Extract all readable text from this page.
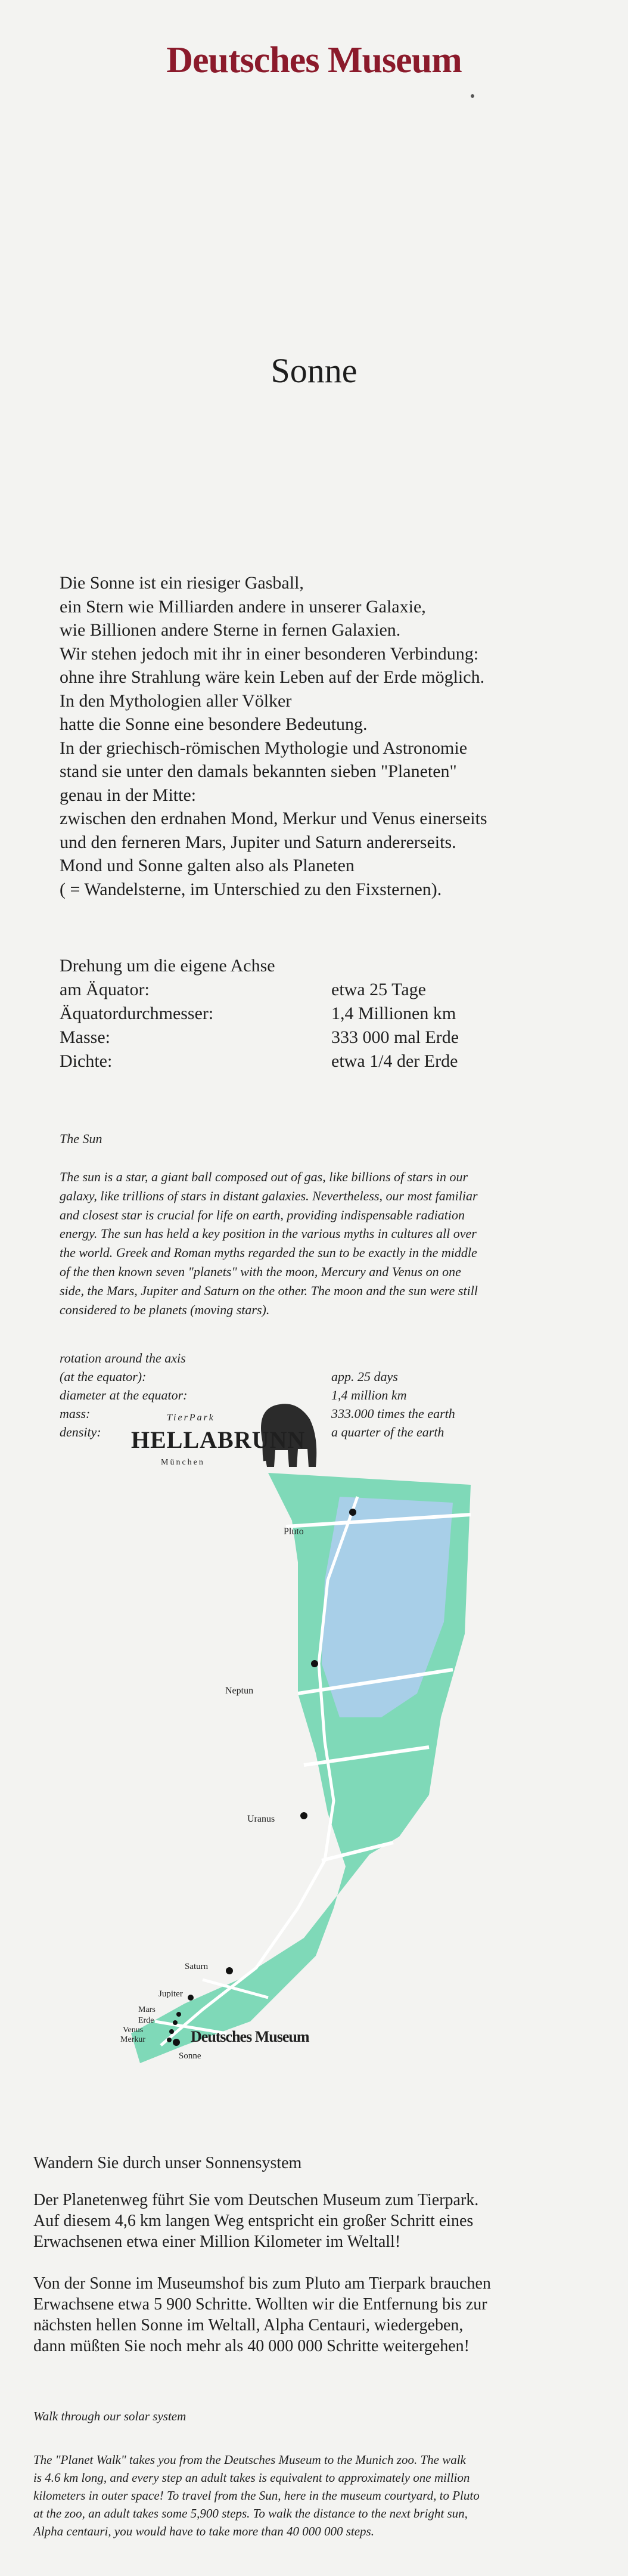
Deutsches Museum
Sonne
Die Sonne ist ein riesiger Gasball,
ein Stern wie Milliarden andere in unserer Galaxie,
wie Billionen andere Sterne in fernen Galaxien.
Wir stehen jedoch mit ihr in einer besonderen Verbindung:
ohne ihre Strahlung wäre kein Leben auf der Erde möglich.
In den Mythologien aller Völker
hatte die Sonne eine besondere Bedeutung.
In der griechisch-römischen Mythologie und Astronomie
stand sie unter den damals bekannten sieben "Planeten"
genau in der Mitte:
zwischen den erdnahen Mond, Merkur und Venus einerseits
und den ferneren Mars, Jupiter und Saturn andererseits.
Mond und Sonne galten also als Planeten
( = Wandelsterne, im Unterschied zu den Fixsternen).
Drehung um die eigene Achse
am Äquator:	etwa 25 Tage
Äquatordurchmesser:	1,4 Millionen km
Masse:	333 000 mal Erde
Dichte:	etwa 1/4 der Erde
The Sun
The sun is a star, a giant ball composed out of gas, like billions of stars in our
galaxy, like trillions of stars in distant galaxies. Nevertheless, our most familiar
and closest star is crucial for life on earth, providing indispensable radiation
energy. The sun has held a key position in the various myths in cultures all over
the world. Greek and Roman myths regarded the sun to be exactly in the middle
of the then known seven "planets" with the moon, Mercury and Venus on one
side, the Mars, Jupiter and Saturn on the other. The moon and the sun were still
considered to be planets (moving stars).
rotation around the axis
(at the equator):	app. 25 days
diameter at the equator:	1,4 million km
mass:	333.000 times the earth
density:	a quarter of the earth
TierPark
HELLABRUNN
München
Pluto
Neptun
Uranus
Saturn
Jupiter
Mars
Erde
Venus
Merkur
Sonne
Deutsches Museum
Wandern Sie durch unser Sonnensystem
Der Planetenweg führt Sie vom Deutschen Museum zum Tierpark.
Auf diesem 4,6 km langen Weg entspricht ein großer Schritt eines
Erwachsenen etwa einer Million Kilometer im Weltall!
Von der Sonne im Museumshof bis zum Pluto am Tierpark brauchen
Erwachsene etwa 5 900 Schritte. Wollten wir die Entfernung bis zur
nächsten hellen Sonne im Weltall, Alpha Centauri, wiedergeben,
dann müßten Sie noch mehr als 40 000 000 Schritte weitergehen!
Walk through our solar system
The "Planet Walk" takes you from the Deutsches Museum to the Munich zoo. The walk
is 4.6 km long, and every step an adult takes is equivalent to approximately one million
kilometers in outer space! To travel from the Sun, here in the museum courtyard, to Pluto
at the zoo, an adult takes some 5,900 steps. To walk the distance to the next bright sun,
Alpha centauri, you would have to take more than 40 000 000 steps.
